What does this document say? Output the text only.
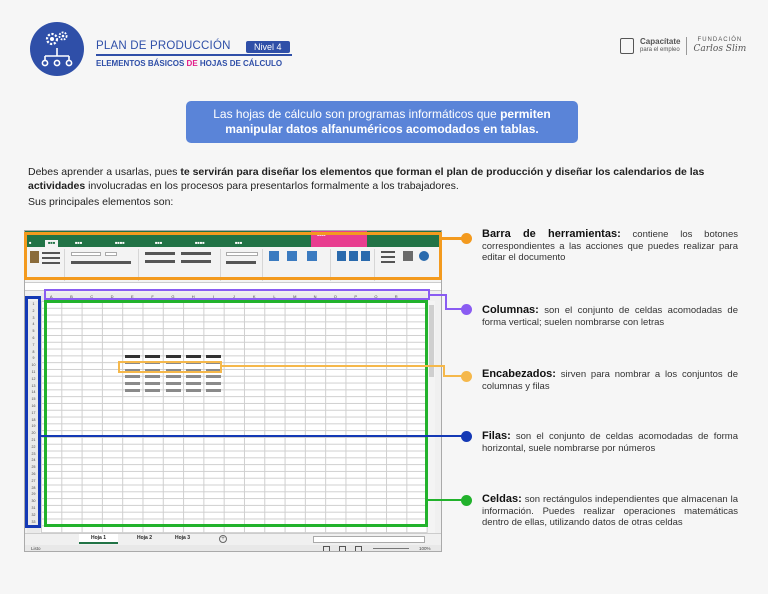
PLAN DE PRODUCCIÓN	Nivel 4
ELEMENTOS BÁSICOS DE HOJAS DE CÁLCULO
Capacítate
para el empleo
FUNDACIÓN
Carlos Slim
Las hojas de cálculo son programas informáticos que permiten manipular datos alfanuméricos acomodados en tablas.
Debes aprender a usarlas, pues te servirán para diseñar los elementos que forman el plan de producción y diseñar los calendarios de las actividades involucradas en los procesos para presentarlos formalmente a los trabajadores.
Sus principales elementos son:
■	■■■	■■■	■■■■	■■■	■■■■	■■■
■■■■
A	B	C	D	E	F	G	H	I	J	K	L	M	N	O	P	Q	R
1
2
3
4
5
6
7
8
9
10
11
12
13
14
15
16
17
18
19
20
21
22
23
24
25
26
27
28
29
30
31
32
33
Hoja 1	Hoja 2	Hoja 3	+
Listo	100%
Barra de herramientas: contiene los botones correspondientes a las acciones que puedes realizar para editar el documento
Columnas: son el conjunto de celdas acomodadas de forma vertical; suelen nombrarse con letras
Encabezados: sirven para nombrar a los conjuntos de columnas y filas
Filas: son el conjunto de celdas acomodadas de forma horizontal, suele nombrarse por números
Celdas: son rectángulos independientes que almacenan la información. Puedes realizar operaciones matemáticas dentro de ellas, utilizando datos de otras celdas
